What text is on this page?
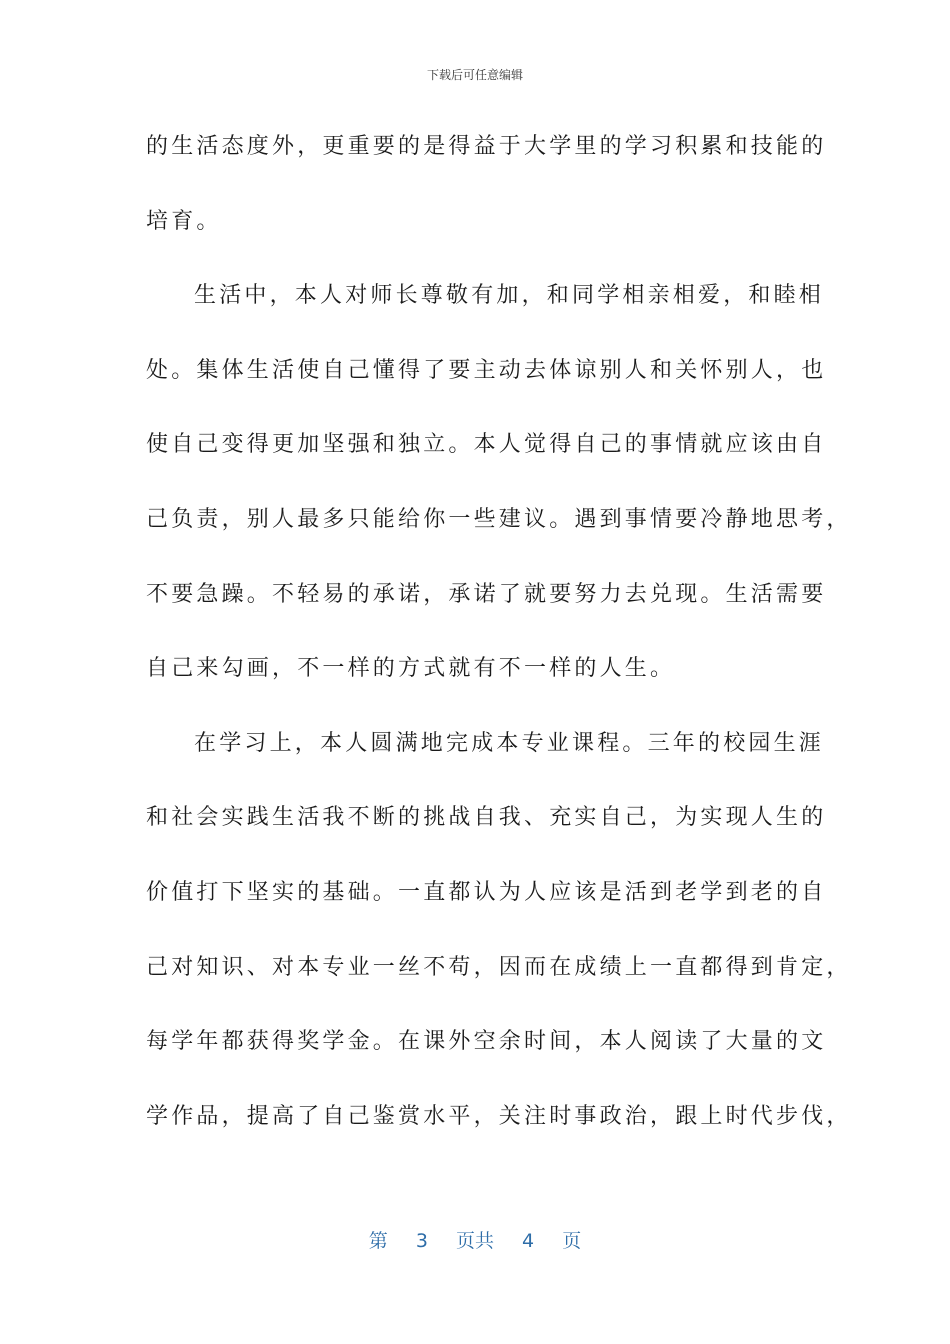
下载后可任意编辑
的生活态度外，更重要的是得益于大学里的学习积累和技能的
培育。
生活中，本人对师长尊敬有加，和同学相亲相爱，和睦相
处。集体生活使自己懂得了要主动去体谅别人和关怀别人，也
使自己变得更加坚强和独立。本人觉得自己的事情就应该由自
己负责，别人最多只能给你一些建议。遇到事情要冷静地思考，
不要急躁。不轻易的承诺，承诺了就要努力去兑现。生活需要
自己来勾画，不一样的方式就有不一样的人生。
在学习上，本人圆满地完成本专业课程。三年的校园生涯
和社会实践生活我不断的挑战自我、充实自己，为实现人生的
价值打下坚实的基础。一直都认为人应该是活到老学到老的自
己对知识、对本专业一丝不苟，因而在成绩上一直都得到肯定，
每学年都获得奖学金。在课外空余时间，本人阅读了大量的文
学作品，提高了自己鉴赏水平，关注时事政治，跟上时代步伐，
第 3 页共 4 页
